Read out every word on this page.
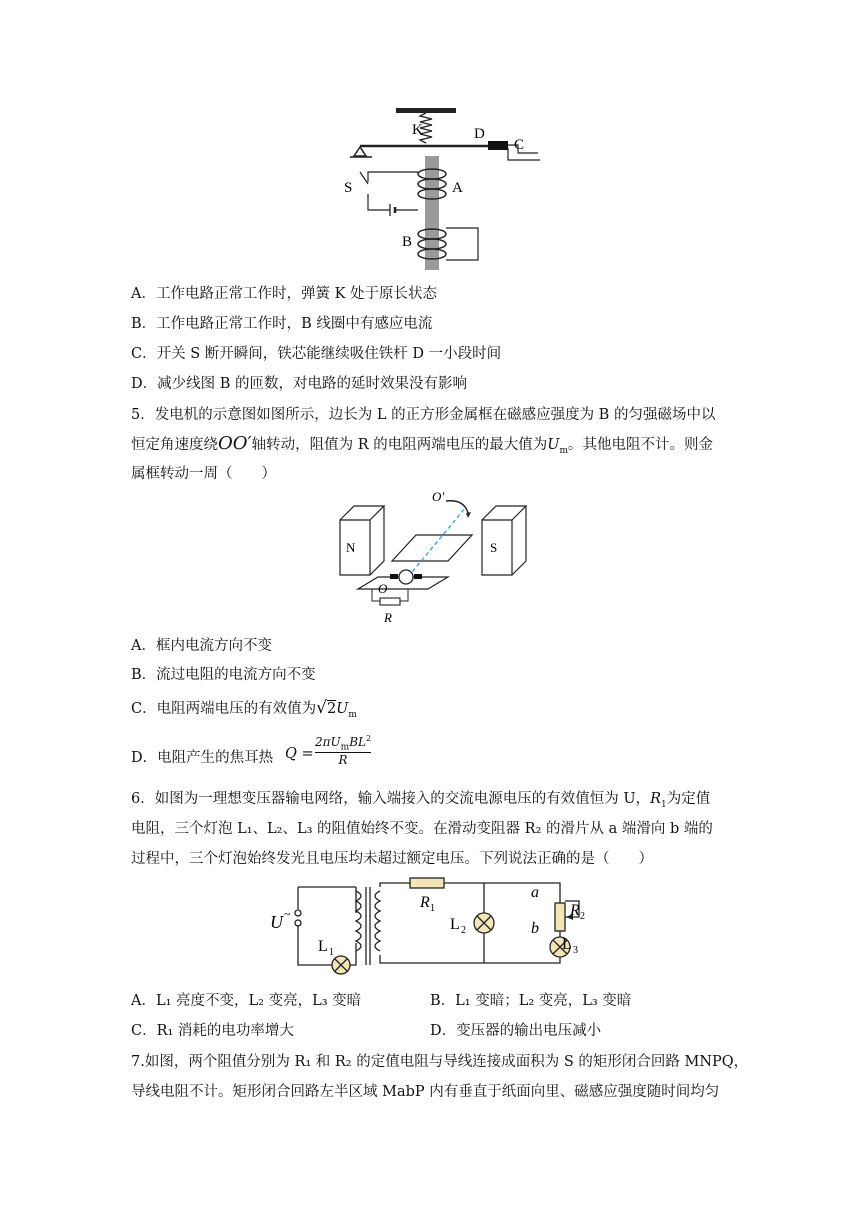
K	D
C
A
S
B
A．工作电路正常工作时，弹簧 K 处于原长状态
B．工作电路正常工作时，B 线圈中有感应电流
C．开关 S 断开瞬间，铁芯能继续吸住铁杆 D 一小段时间
D．减少线图 B 的匝数，对电路的延时效果没有影响
5．发电机的示意图如图所示，边长为 L 的正方形金属框在磁感应强度为 B 的匀强磁场中以
恒定角速度绕OO′轴转动，阻值为 R 的电阻两端电压的最大值为$U_m$。其他电阻不计。则金
属框转动一周（　　）
N	S
O′
O
R
A．框内电流方向不变
B．流过电阻的电流方向不变
C．电阻两端电压的有效值为$√2U_m$
D．电阻产生的焦耳热 Q =
$2\pi U_mBL^2$
R
6．如图为一理想变压器输电网络，输入端接入的交流电源电压的有效值恒为 U，$R_1$为定值
电阻，三个灯泡 L₁、L₂、L₃ 的阻值始终不变。在滑动变阻器 R₂ 的滑片从 a 端滑向 b 端的
过程中，三个灯泡始终发光且电压均未超过额定电压。下列说法正确的是（　　）
U ~
L 1
R 1
L 2
a
b
R 2
L 3
A．L₁ 亮度不变，L₂ 变亮，L₃ 变暗	B．L₁ 变暗；L₂ 变亮，L₃ 变暗
C．R₁ 消耗的电功率增大	D．变压器的输出电压减小
7.如图，两个阻值分别为 R₁ 和 R₂ 的定值电阻与导线连接成面积为 S 的矩形闭合回路 MNPQ，
导线电阻不计。矩形闭合回路左半区域 MabP 内有垂直于纸面向里、磁感应强度随时间均匀
